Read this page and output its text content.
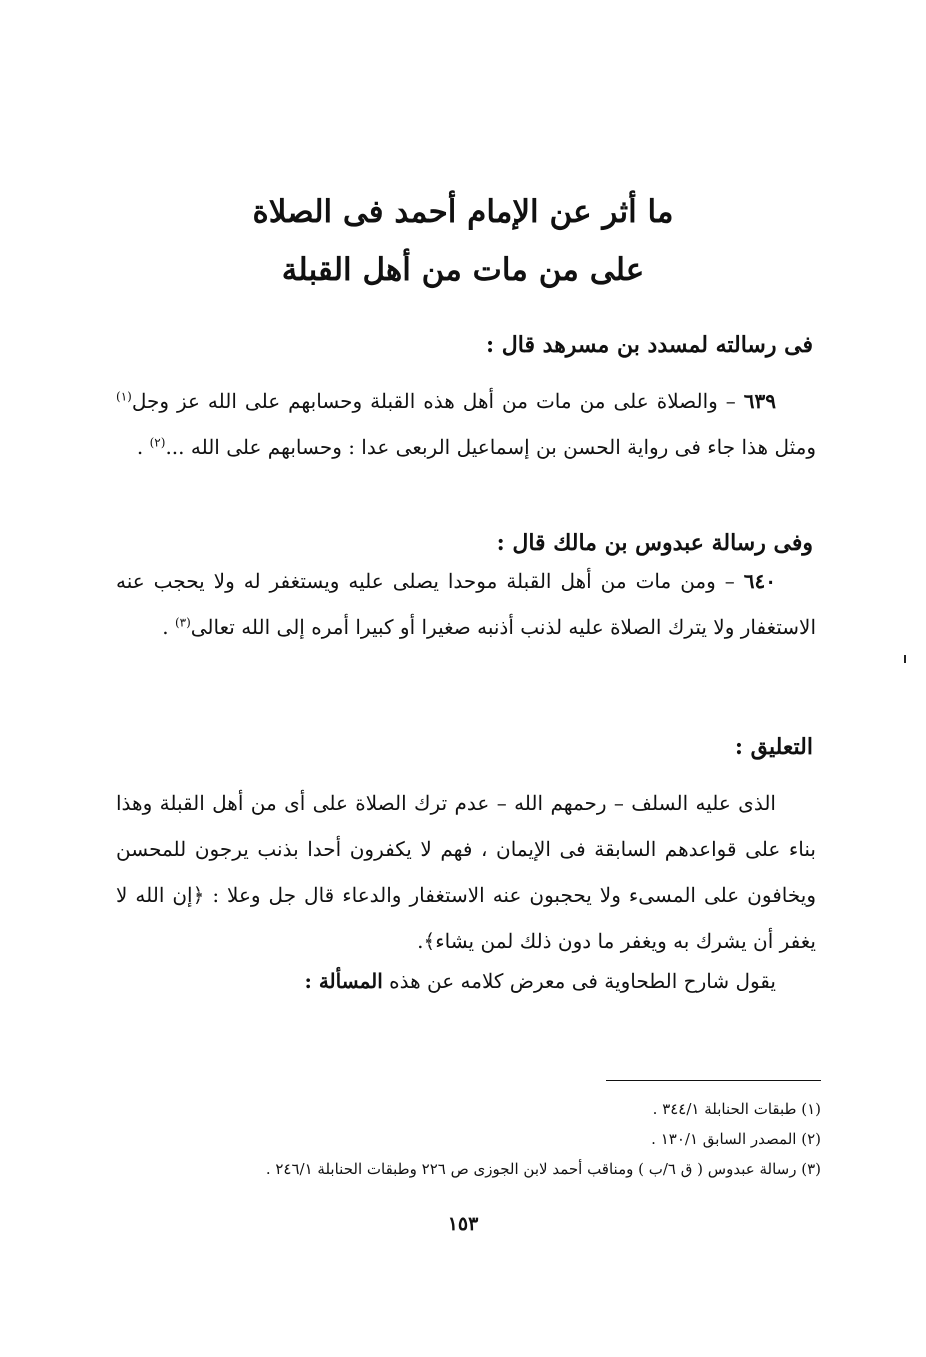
ما أثر عن الإمام أحمد فى الصلاة
على من مات من أهل القبلة

فى رسالته لمسدد بن مسرهد قال :

٦٣٩ – والصلاة على من مات من أهل هذه القبلة وحسابهم على الله عز وجل$^{(١)}$ ومثل هذا جاء فى رواية الحسن بن إسماعيل الربعى عدا : وحسابهم على الله ...$^{(٢)}$ .

وفى رسالة عبدوس بن مالك قال :

٦٤٠ – ومن مات من أهل القبلة موحدا يصلى عليه ويستغفر له ولا يحجب عنه الاستغفار ولا يترك الصلاة عليه لذنب أذنبه صغيرا أو كبيرا أمره إلى الله تعالى$^{(٣)}$ .

التعليق :

الذى عليه السلف – رحمهم الله – عدم ترك الصلاة على أى من أهل القبلة وهذا بناء على قواعدهم السابقة فى الإيمان ، فهم لا يكفرون أحدا بذنب يرجون للمحسن ويخافون على المسىء ولا يحجبون عنه الاستغفار والدعاء قال جل وعلا : ﴿إن الله لا يغفر أن يشرك به ويغفر ما دون ذلك لمن يشاء﴾.

يقول شارح الطحاوية فى معرض كلامه عن هذه المسألة :

(١) طبقات الحنابلة ٣٤٤/١ .

(٢) المصدر السابق ١٣٠/١ .

(٣) رسالة عبدوس ( ق ٦/ب ) ومناقب أحمد لابن الجوزى ص ٢٢٦ وطبقات الحنابلة ٢٤٦/١ .

١٥٣
